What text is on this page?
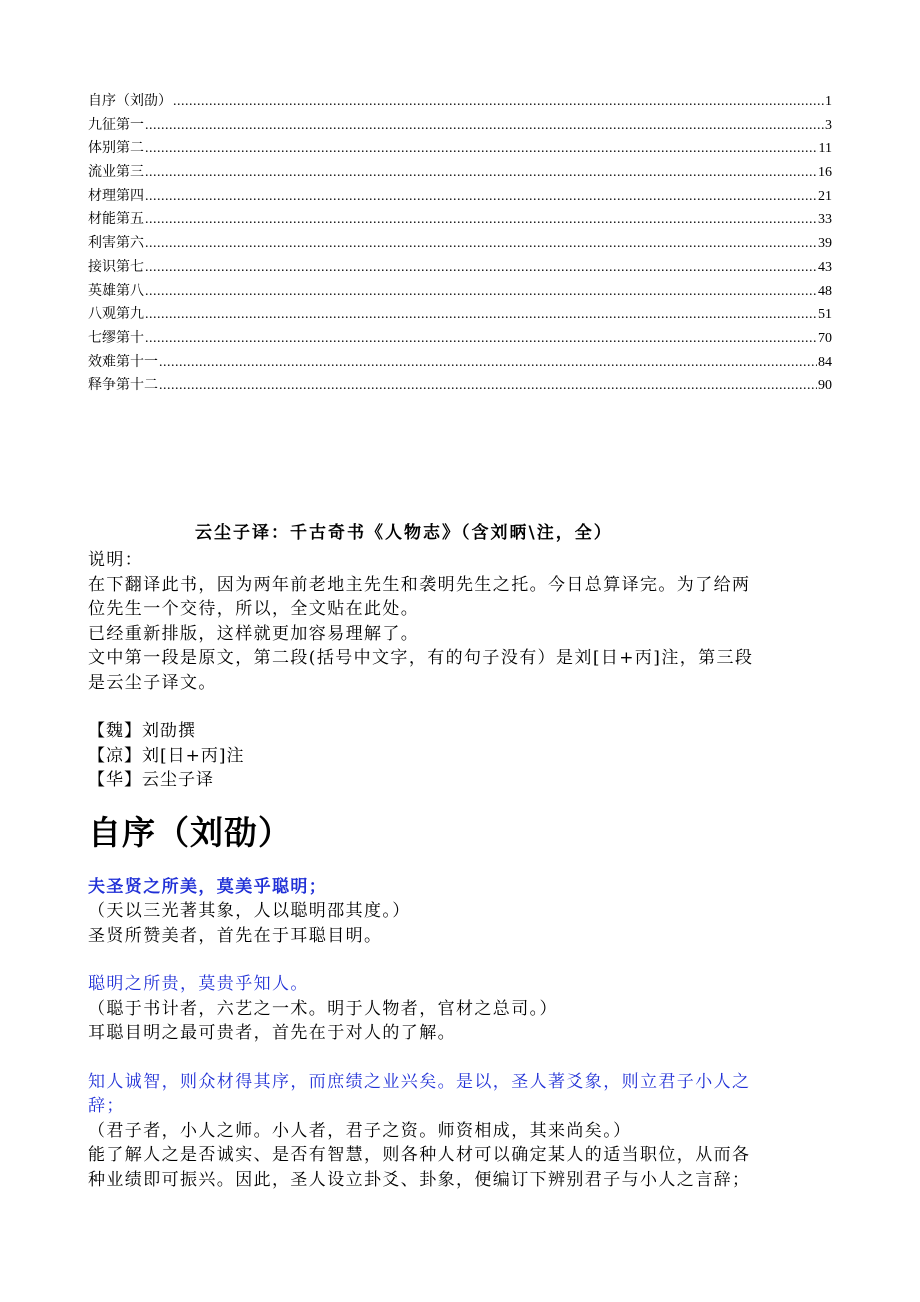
自序（刘劭） .....	1
九征第一 .....	3
体别第二 .....	11
流业第三 .....	16
材理第四 .....	21
材能第五 .....	33
利害第六 .....	39
接识第七 .....	43
英雄第八 .....	48
八观第九 .....	51
七缪第十 .....	70
效难第十一 .....	84
释争第十二 .....	90
云尘子译：千古奇书《人物志》（含刘昞\注，全）

说明：

在下翻译此书，因为两年前老地主先生和袭明先生之托。今日总算译完。为了给两

位先生一个交待，所以，全文贴在此处。

已经重新排版，这样就更加容易理解了。

文中第一段是原文，第二段(括号中文字，有的句子没有）是刘[日+丙]注，第三段

是云尘子译文。

【魏】刘劭撰

【凉】刘[日+丙]注

【华】云尘子译

自序（刘劭）

夫圣贤之所美，莫美乎聪明；

（天以三光著其象，人以聪明邵其度。）

圣贤所赞美者，首先在于耳聪目明。

聪明之所贵，莫贵乎知人。

（聪于书计者，六艺之一术。明于人物者，官材之总司。）

耳聪目明之最可贵者，首先在于对人的了解。

知人诚智，则众材得其序，而庶绩之业兴矣。是以，圣人著爻象，则立君子小人之

辞；

（君子者，小人之师。小人者，君子之资。师资相成，其来尚矣。）

能了解人之是否诚实、是否有智慧，则各种人材可以确定某人的适当职位，从而各

种业绩即可振兴。因此，圣人设立卦爻、卦象，便编订下辨别君子与小人之言辞；
